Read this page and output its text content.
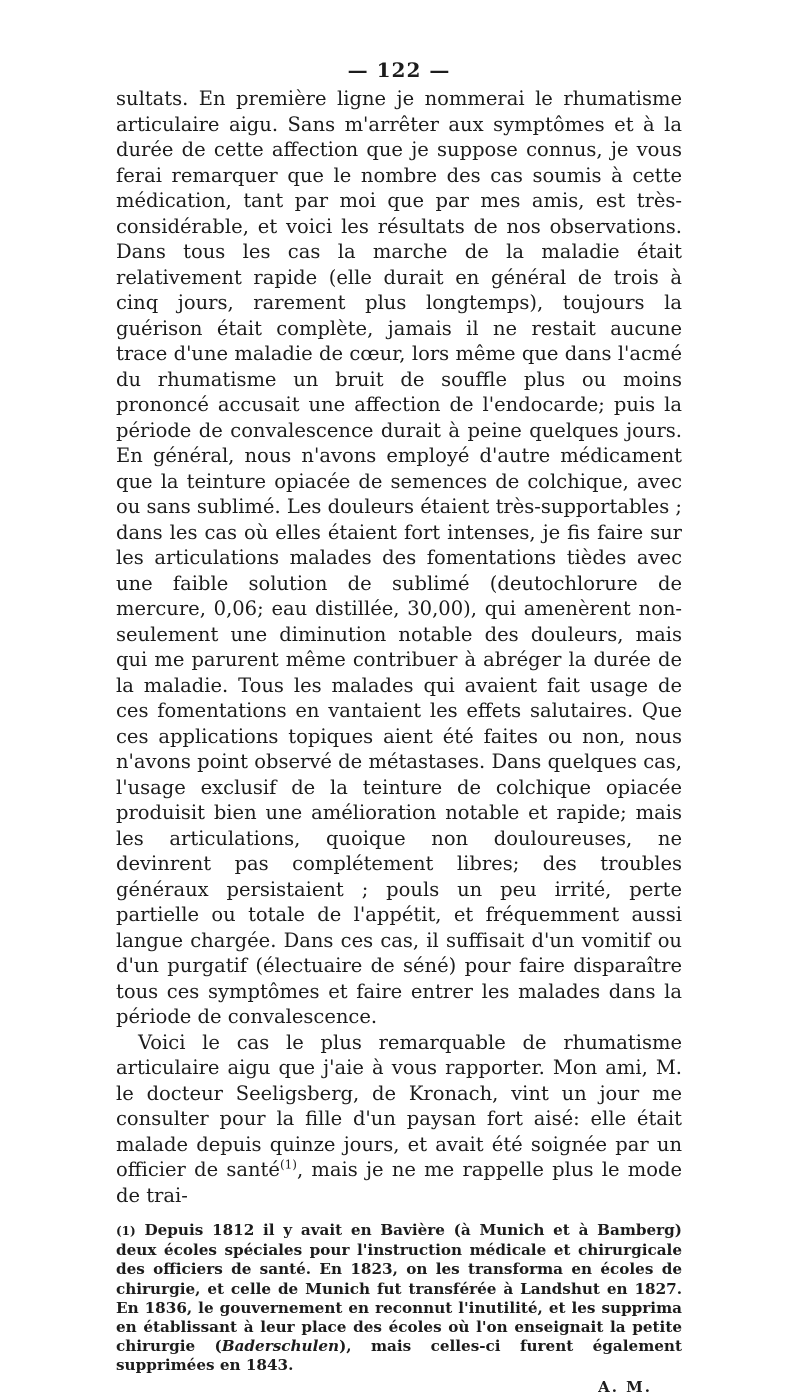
— 122 —

sultats. En première ligne je nommerai le rhumatisme articulaire aigu. Sans m'arrêter aux symptômes et à la durée de cette affection que je suppose connus, je vous ferai remarquer que le nombre des cas soumis à cette médication, tant par moi que par mes amis, est très-considérable, et voici les résultats de nos observations. Dans tous les cas la marche de la maladie était relativement rapide (elle durait en général de trois à cinq jours, rarement plus longtemps), toujours la guérison était complète, jamais il ne restait aucune trace d'une maladie de cœur, lors même que dans l'acmé du rhumatisme un bruit de souffle plus ou moins prononcé accusait une affection de l'endocarde; puis la période de convalescence durait à peine quelques jours. En général, nous n'avons employé d'autre médicament que la teinture opiacée de semences de colchique, avec ou sans sublimé. Les douleurs étaient très-supportables ; dans les cas où elles étaient fort intenses, je fis faire sur les articulations malades des fomentations tièdes avec une faible solution de sublimé (deutochlorure de mercure, 0,06; eau distillée, 30,00), qui amenèrent non-seulement une diminution notable des douleurs, mais qui me parurent même contribuer à abréger la durée de la maladie. Tous les malades qui avaient fait usage de ces fomentations en vantaient les effets salutaires. Que ces applications topiques aient été faites ou non, nous n'avons point observé de métastases. Dans quelques cas, l'usage exclusif de la teinture de colchique opiacée produisit bien une amélioration notable et rapide; mais les articulations, quoique non douloureuses, ne devinrent pas complétement libres; des troubles généraux persistaient ; pouls un peu irrité, perte partielle ou totale de l'appétit, et fréquemment aussi langue chargée. Dans ces cas, il suffisait d'un vomitif ou d'un purgatif (électuaire de séné) pour faire disparaître tous ces symptômes et faire entrer les malades dans la période de convalescence.

Voici le cas le plus remarquable de rhumatisme articulaire aigu que j'aie à vous rapporter. Mon ami, M. le docteur Seeligsberg, de Kronach, vint un jour me consulter pour la fille d'un paysan fort aisé: elle était malade depuis quinze jours, et avait été soignée par un officier de santé$^{(1)}$, mais je ne me rappelle plus le mode de trai-

(1) Depuis 1812 il y avait en Bavière (à Munich et à Bamberg) deux écoles spéciales pour l'instruction médicale et chirurgicale des officiers de santé. En 1823, on les transforma en écoles de chirurgie, et celle de Munich fut transférée à Landshut en 1827. En 1836, le gouvernement en reconnut l'inutilité, et les supprima en établissant à leur place des écoles où l'on enseignait la petite chirurgie (Baderschulen), mais celles-ci furent également supprimées en 1843.

A. M.
